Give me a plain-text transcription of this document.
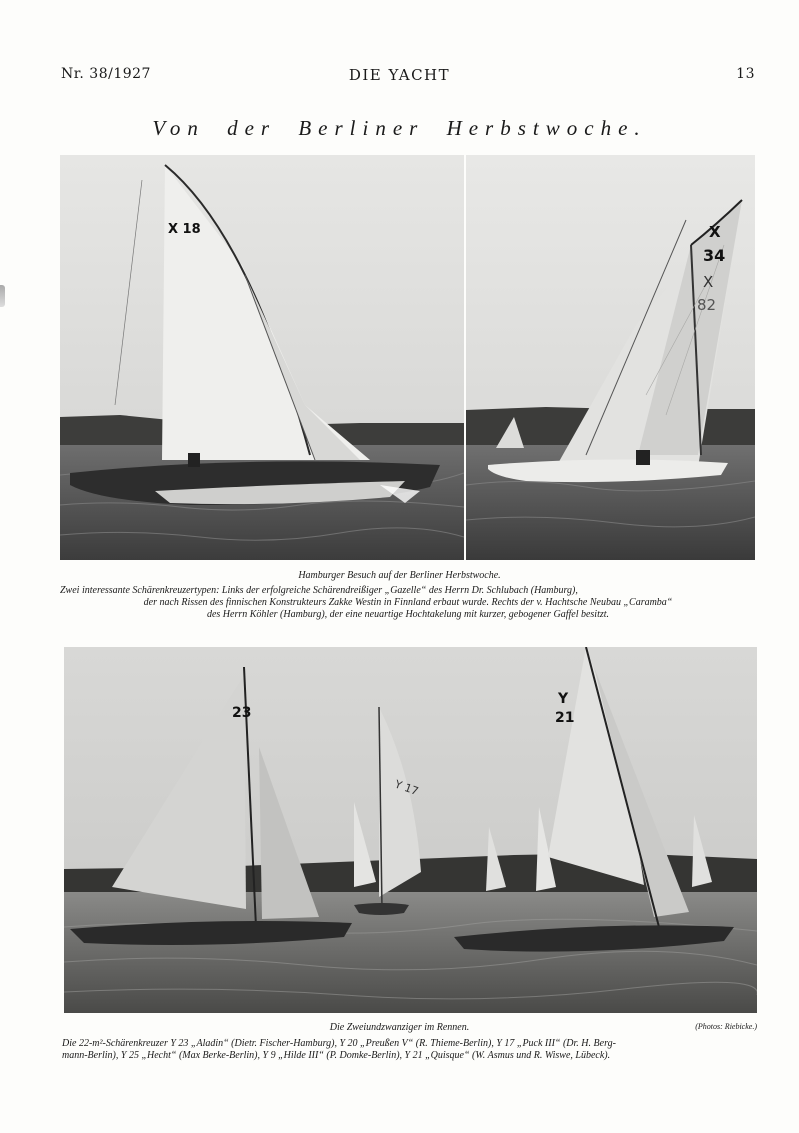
Nr. 38/1927	DIE YACHT	13
Von der Berliner Herbstwoche.
X 18	X
34
X
82
Hamburger Besuch auf der Berliner Herbstwoche.
Zwei interessante Schärenkreuzertypen: Links der erfolgreiche Schärendreißiger „Gazelle“ des Herrn Dr. Schlubach (Hamburg),
der nach Rissen des finnischen Konstrukteurs Zakke Westin in Finnland erbaut wurde. Rechts der v. Hachtsche Neubau „Caramba“
des Herrn Köhler (Hamburg), der eine neuartige Hochtakelung mit kurzer, gebogener Gaffel besitzt.
23
Y 17
Y
21
Die Zweiundzwanziger im Rennen.	(Photos: Riebicke.)
Die 22-m²-Schärenkreuzer Y 23 „Aladin“ (Dietr. Fischer-Hamburg), Y 20 „Preußen V“ (R. Thieme-Berlin), Y 17 „Puck III“ (Dr. H. Berg-
mann-Berlin), Y 25 „Hecht“ (Max Berke-Berlin), Y 9 „Hilde III“ (P. Domke-Berlin), Y 21 „Quisque“ (W. Asmus und R. Wiswe, Lübeck).
